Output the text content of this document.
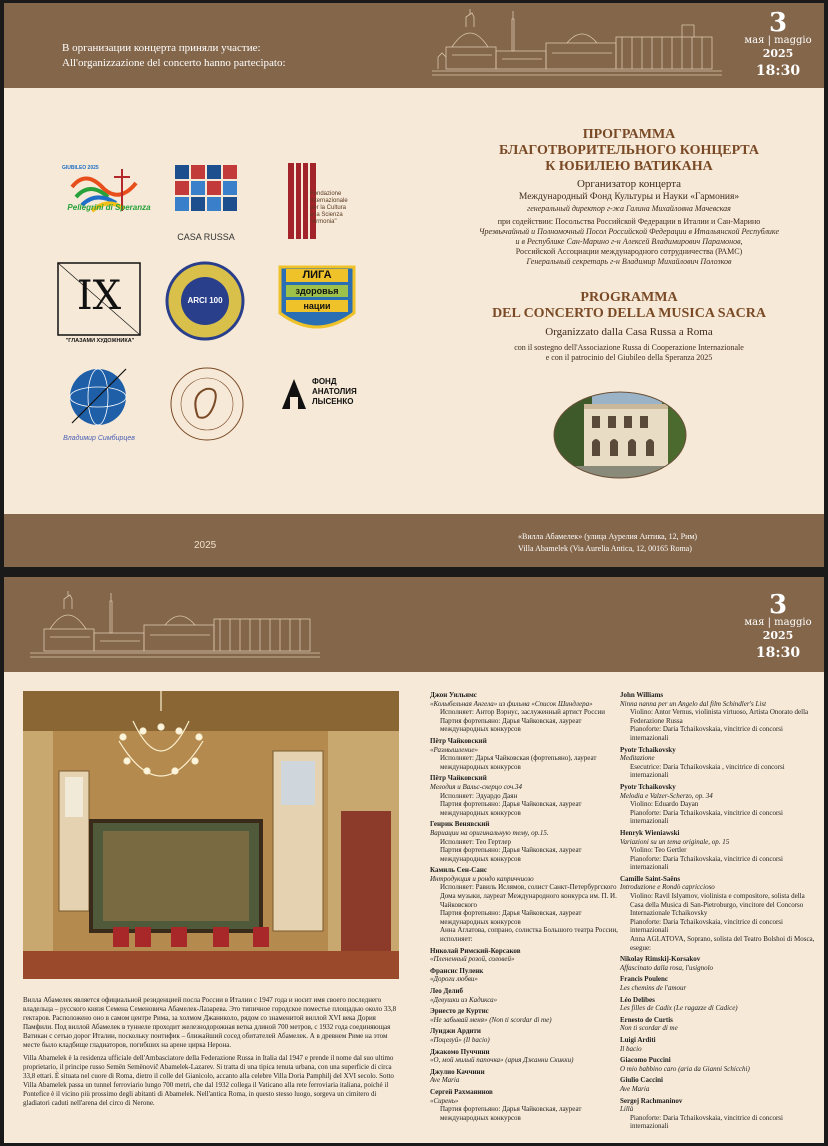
В организации концерта приняли участие:
All'organizzazione del concerto hanno partecipato:
3
мая | maggio
2025
18:30
GIUBILEO 2025
Pellegrini di Speranza
CASA RUSSA
Fondazione
Internazionale
per la Cultura
e la Scienza
"Armonia"
IX
"ГЛАЗАМИ ХУДОЖНИКА"
ARCI 100
ЛИГА
здоровья
нации
Владимир Симбирцев
ФОНД
АНАТОЛИЯ
ЛЫСЕНКО
ПРОГРАММА
БЛАГОТВОРИТЕЛЬНОГО КОНЦЕРТА
К ЮБИЛЕЮ ВАТИКАНА
Организатор концерта
Международный Фонд Культуры и Науки «Гармония»
генеральный директор г-жа Галина Михайловна Мачевская
при содействии: Посольства Российской Федерации в Италии и Сан-Марино
Чрезвычайный и Полномочный Посол Российской Федерации в Итальянской Республике
и в Республике Сан-Марино г-н Алексей Владимирович Парамонов,
Российской Ассоциации международного сотрудничества (РАМС)
Генеральный секретарь г-н Владимир Михайлович Полозков
PROGRAMMA
DEL CONCERTO DELLA MUSICA SACRA
Organizzato dalla Casa Russa a Roma
con il sostegno dell'Associazione Russa di Cooperazione Internazionale
e con il patrocinio del Giubileo della Speranza 2025
2025
«Вилла Абамелек» (улица Аурелия Антика, 12, Рим)
Villa Abamelek (Via Aurelia Antica, 12, 00165 Roma)
3
мая | maggio
2025
18:30

Вилла Абамелек является официальной резиденцией посла России в Италии с 1947 года и носит имя своего последнего владельца – русского князя Семена Семеновича Абамелек-Лазарева. Это типичное городское поместье площадью около 33,8 гектаров. Расположено оно в самом центре Рима, за холмом Джаниколо, рядом со знаменитой виллой XVI века Дория Памфили. Под виллой Абамелек в туннеле проходит железнодорожная ветка длиной 700 метров, с 1932 года соединяющая Ватикан с сетью дорог Италии, поскольку понтифик – ближайший сосед обитателей Абамелек. А в древнем Риме на этом месте было кладбище гладиаторов, погибших на арене цирка Нерона.

Villa Abamelek è la residenza ufficiale dell'Ambasciatore della Federazione Russa in Italia dal 1947 e prende il nome dal suo ultimo proprietario, il principe russo Semën Semënovič Abamelek-Lazarev. Si tratta di una tipica tenuta urbana, con una superficie di circa 33,8 ettari. È situata nel cuore di Roma, dietro il colle del Gianicolo, accanto alla celebre Villa Doria Pamphilj del XVI secolo. Sotto Villa Abamelek passa un tunnel ferroviario lungo 700 metri, che dal 1932 collega il Vaticano alla rete ferroviaria italiana, poiché il Pontefice è il vicino più prossimo degli abitanti di Abamelek. Nell'antica Roma, in questo stesso luogo, sorgeva un cimitero di gladiatori caduti nell'arena del circo di Nerone.

Джон Уильямс
«Колыбельная Ангела» из фильма «Список Шиндлера»
Исполняет: Антор Вэрнус, заслуженный артист России
Партия фортепьяно: Дарья Чайковская, лауреат международных конкурсов
Пётр Чайковский
«Размышление»
Исполняет: Дарья Чайковская (фортепьяно), лауреат международных конкурсов
Пётр Чайковский
Мелодия и Вальс-скерцо соч.34
Исполняет: Эдуардо Даян
Партия фортепьяно: Дарья Чайковская, лауреат международных конкурсов
Генрик Венявский
Вариации на оригинальную тему, op.15.
Исполняет: Тео Гертлер
Партия фортепьяно: Дарья Чайковская, лауреат международных конкурсов
Камиль Сен-Санс
Интродукция и рондо каприччиозо
Исполняет: Равиль Ислямов, солист Санкт-Петербургского Дома музыки, лауреат Международного конкурса им. П. И. Чайковского
Партия фортепьяно: Дарья Чайковская, лауреат международных конкурсов
Анна Аглатова, сопрано, солистка Большого театра России, исполняет:
Николай Римский-Корсаков
«Плененный розой, соловей»
Франсис Пуленк
«Дороги любви»
Лео Делиб
«Девушки из Кадикса»
Эрнесто де Куртис
«Не забывай меня» (Non ti scordar di me)
Луиджи Ардити
«Поцелуй» (Il bacio)
Джакомо Пуччини
«О, мой милый папочка» (ария Джанни Скикки)
Джулио Каччини
Ave Maria
Сергей Рахманинов
«Сирень»
Партия фортепьяно: Дарья Чайковская, лауреат международных конкурсов
John Williams
Ninna nanna per un Angelo dal film Schindler's List
Violino: Antor Vernus, violinista virtuoso, Artista Onorato della Federazione Russa
Pianoforte: Daria Tchaikovskaia, vincitrice di concorsi internazionali
Pyotr Tchaikovsky
Meditazione
Esecutrice: Daria Tchaikovskaia , vincitrice di concorsi internazionali
Pyotr Tchaikovsky
Melodia e Valzer-Scherzo, op. 34
Violino: Eduardo Dayan
Pianoforte: Daria Tchaikovskaia, vincitrice di concorsi internazionali
Henryk Wieniawski
Variazioni su un tema originale, op. 15
Violino: Teo Gertler
Pianoforte: Daria Tchaikovskaia, vincitrice di concorsi internazionali
Camille Saint-Saëns
Introduzione e Rondò capriccioso
Violino: Ravil Islyamov, violinista e compositore, solista della Casa della Musica di San-Pietroburgo, vincitore del Concorso Internazionale Tchaikovsky
Pianoforte: Daria Tchaikovskaia, vincitrice di concorsi internazionali
Anna AGLATOVA, Soprano, solista del Teatro Bolshoi di Mosca, esegue:
Nikolay Rimskij-Korsakov
Affascinato dalla rosa, l'usignolo
Francis Poulenc
Les chemins de l'amour
Léo Delibes
Les filles de Cadix (Le ragazze di Cadice)
Ernesto de Curtis
Non ti scordar di me
Luigi Arditi
Il bacio
Giacomo Puccini
O mio babbino caro (aria da Gianni Schicchi)
Giulio Caccini
Ave Maria
Sergej Rachmaninov
Lillà
Pianoforte: Daria Tchaikovskaia, vincitrice di concorsi internazionali
